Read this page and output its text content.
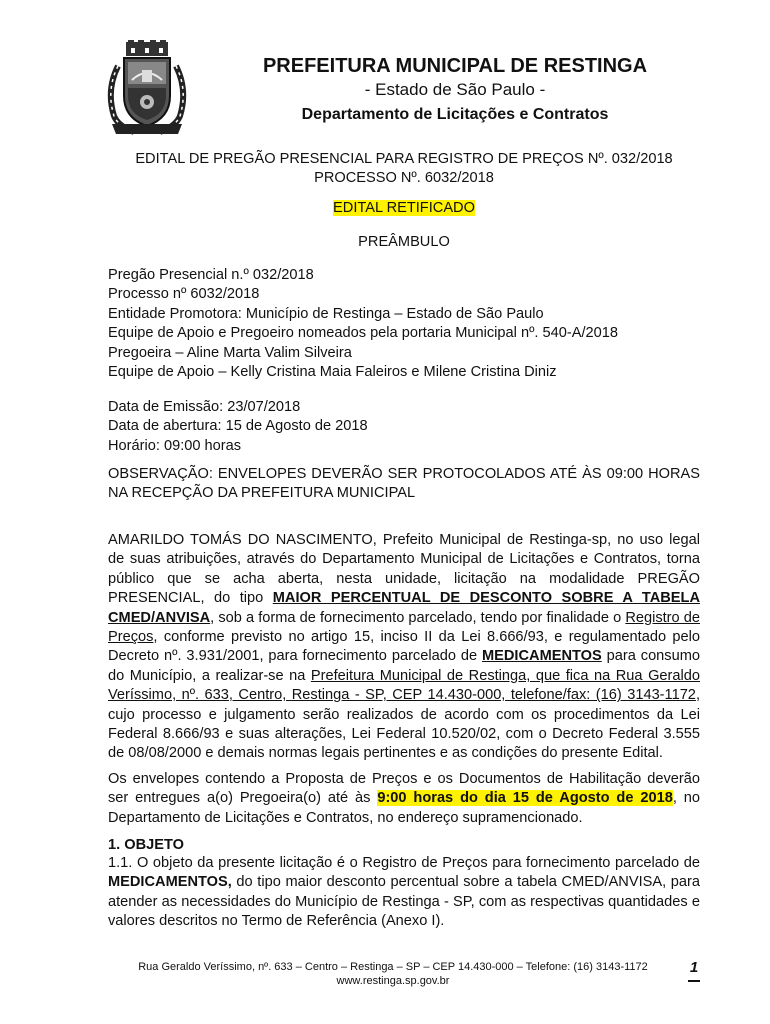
PREFEITURA MUNICIPAL DE RESTINGA
- Estado de São Paulo -
Departamento de Licitações e Contratos
EDITAL DE PREGÃO PRESENCIAL PARA REGISTRO DE PREÇOS Nº. 032/2018
PROCESSO Nº. 6032/2018
EDITAL RETIFICADO
PREÂMBULO
Pregão Presencial n.º 032/2018
Processo nº 6032/2018
Entidade Promotora: Município de Restinga – Estado de São Paulo
Equipe de Apoio e Pregoeiro nomeados pela portaria Municipal nº. 540-A/2018
Pregoeira – Aline Marta Valim Silveira
Equipe de Apoio – Kelly Cristina Maia Faleiros e Milene Cristina Diniz
Data de Emissão: 23/07/2018
Data de abertura: 15 de Agosto de 2018
Horário: 09:00 horas
OBSERVAÇÃO: ENVELOPES DEVERÃO SER PROTOCOLADOS ATÉ ÀS 09:00 HORAS NA RECEPÇÃO DA PREFEITURA MUNICIPAL
AMARILDO TOMÁS DO NASCIMENTO, Prefeito Municipal de Restinga-sp, no uso legal de suas atribuições, através do Departamento Municipal de Licitações e Contratos, torna público que se acha aberta, nesta unidade, licitação na modalidade PREGÃO PRESENCIAL, do tipo MAIOR PERCENTUAL DE DESCONTO SOBRE A TABELA CMED/ANVISA, sob a forma de fornecimento parcelado, tendo por finalidade o Registro de Preços, conforme previsto no artigo 15, inciso II da Lei 8.666/93, e regulamentado pelo Decreto nº. 3.931/2001, para fornecimento parcelado de MEDICAMENTOS para consumo do Município, a realizar-se na Prefeitura Municipal de Restinga, que fica na Rua Geraldo Veríssimo, nº. 633, Centro, Restinga - SP, CEP 14.430-000, telefone/fax: (16) 3143-1172, cujo processo e julgamento serão realizados de acordo com os procedimentos da Lei Federal 8.666/93 e suas alterações, Lei Federal 10.520/02, com o Decreto Federal 3.555 de 08/08/2000 e demais normas legais pertinentes e as condições do presente Edital.
Os envelopes contendo a Proposta de Preços e os Documentos de Habilitação deverão ser entregues a(o) Pregoeira(o) até às 9:00 horas do dia 15 de Agosto de 2018, no Departamento de Licitações e Contratos, no endereço supramencionado.
1. OBJETO
1.1. O objeto da presente licitação é o Registro de Preços para fornecimento parcelado de MEDICAMENTOS, do tipo maior desconto percentual sobre a tabela CMED/ANVISA, para atender as necessidades do Município de Restinga - SP, com as respectivas quantidades e valores descritos no Termo de Referência (Anexo I).
Rua Geraldo Veríssimo, nº. 633 – Centro – Restinga – SP – CEP 14.430-000 – Telefone: (16) 3143-1172
www.restinga.sp.gov.br
1
